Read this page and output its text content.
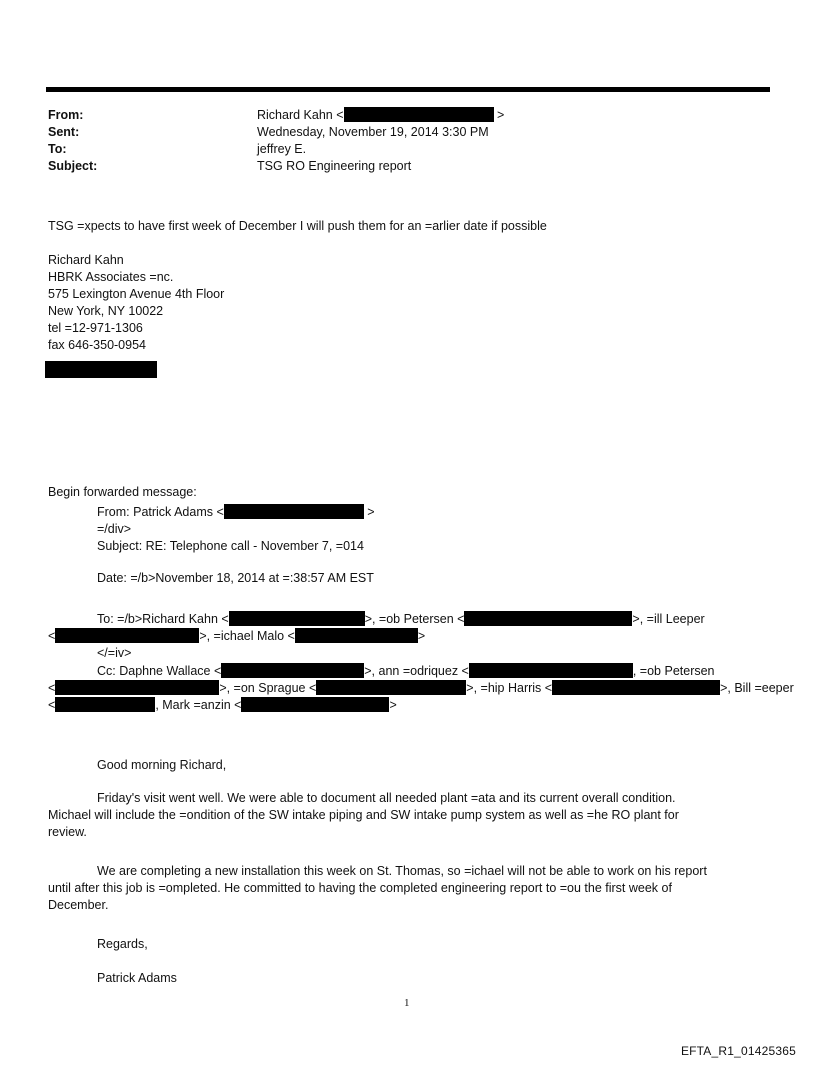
From:	Richard Kahn <	>
Sent:	Wednesday, November 19, 2014 3:30 PM
To:	jeffrey E.
Subject:	TSG RO Engineering report
TSG =xpects to have first week of December I will push them for an =arlier date if possible
Richard Kahn
HBRK Associates =nc.
575 Lexington Avenue 4th Floor
New York, NY 10022
tel =12-971-1306
fax 646-350-0954
Begin forwarded message:
From: Patrick Adams <	>
=/div>
Subject: RE: Telephone call - November 7, =014
Date: =/b>November 18, 2014 at =:38:57 AM EST
To: =/b>Richard Kahn <	>, =ob Petersen <	>, =ill Leeper
<	>, =ichael Malo <	>
</=iv>
Cc: Daphne Wallace <	>, ann =odriquez <	, =ob Petersen
<	>, =on Sprague <	>, =hip Harris <	>, Bill =eeper
<	, Mark =anzin <	>
Good morning Richard,
Friday's visit went well. We were able to document all needed plant =ata and its current overall condition.
Michael will include the =ondition of the SW intake piping and SW intake pump system as well as =he RO plant for
review.
We are completing a new installation this week on St. Thomas, so =ichael will not be able to work on his report
until after this job is =ompleted. He committed to having the completed engineering report to =ou the first week of
December.
Regards,
Patrick Adams
1
EFTA_R1_01425365
